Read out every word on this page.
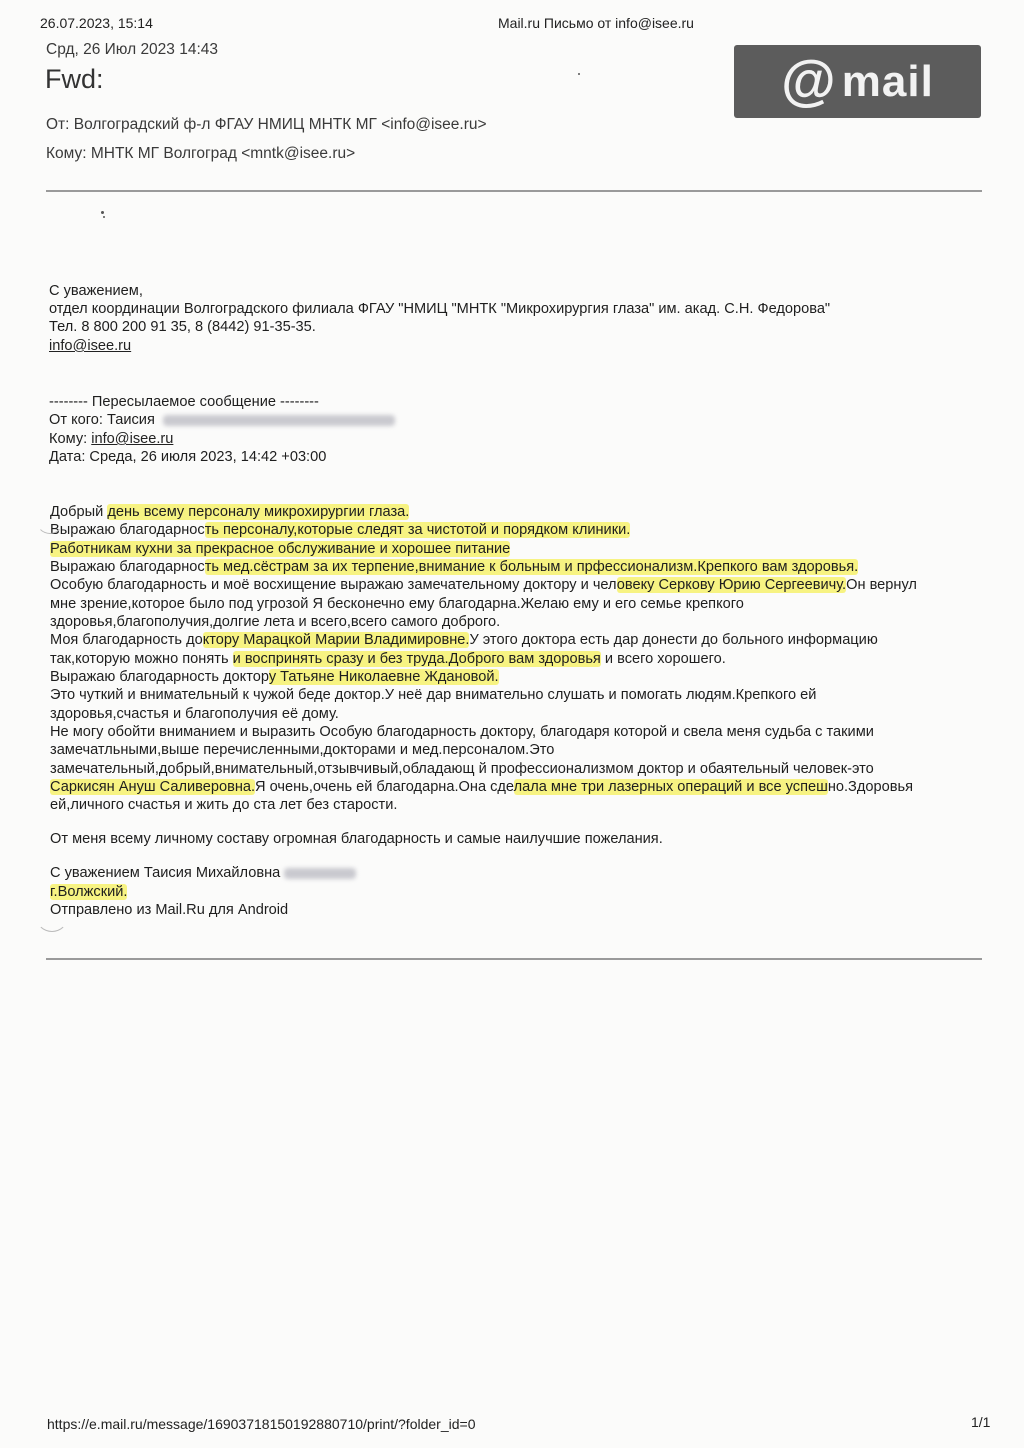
26.07.2023, 15:14	Mail.ru Письмо от info@isee.ru
Срд, 26 Июл 2023 14:43
Fwd:
От: Волгоградский ф-л ФГАУ НМИЦ МНТК МГ <info@isee.ru>
Кому: МНТК МГ Волгоград <mntk@isee.ru>
@ mail
С уважением,
отдел координации Волгоградского филиала ФГАУ "НМИЦ "МНТК "Микрохирургия глаза" им. акад. С.Н. Федорова"
Тел. 8 800 200 91 35, 8 (8442) 91-35-35.
info@isee.ru
-------- Пересылаемое сообщение --------
От кого: Таисия
Кому: info@isee.ru
Дата: Среда, 26 июля 2023, 14:42 +03:00
Добрый день всему персоналу микрохирургии глаза.
Выражаю благодарность персоналу,которые следят за чистотой и порядком клиники.
Работникам кухни за прекрасное обслуживание и хорошее питание
Выражаю благодарность мед.сёстрам за их терпение,внимание к больным и прфессионализм.Крепкого вам здоровья.
Особую благодарность и моё восхищение выражаю замечательному доктору и человеку Серкову Юрию Сергеевичу.Он вернул
мне зрение,которое было под угрозой Я бесконечно ему благодарна.Желаю ему и его семье крепкого
здоровья,благополучия,долгие лета и всего,всего самого доброго.
Моя благодарность доктору Марацкой Марии Владимировне.У этого доктора есть дар донести до больного информацию
так,которую можно понять и воспринять сразу и без труда.Доброго вам здоровья и всего хорошего.
Выражаю благодарность доктору Татьяне Николаевне Ждановой.
Это чуткий и внимательный к чужой беде доктор.У неё дар внимательно слушать и помогать людям.Крепкого ей
здоровья,счастья и благополучия её дому.
Не могу обойти вниманием и выразить Особую благодарность доктору, благодаря которой и свела меня судьба с такими
замечатльными,выше перечисленными,докторами и мед.персоналом.Это
замечательный,добрый,внимательный,отзывчивый,обладающ й профессионализмом доктор и обаятельный человек-это
Саркисян Ануш Саливеровна.Я очень,очень ей благодарна.Она сделала мне три лазерных операций и все успешно.Здоровья
ей,личного счастья и жить до ста лет без старости.
От меня всему личному составу огромная благодарность и самые наилучшие пожелания.
С уважением Таисия Михайловна
г.Волжский.
Отправлено из Mail.Ru для Android
https://e.mail.ru/message/16903718150192880710/print/?folder_id=0	1/1
